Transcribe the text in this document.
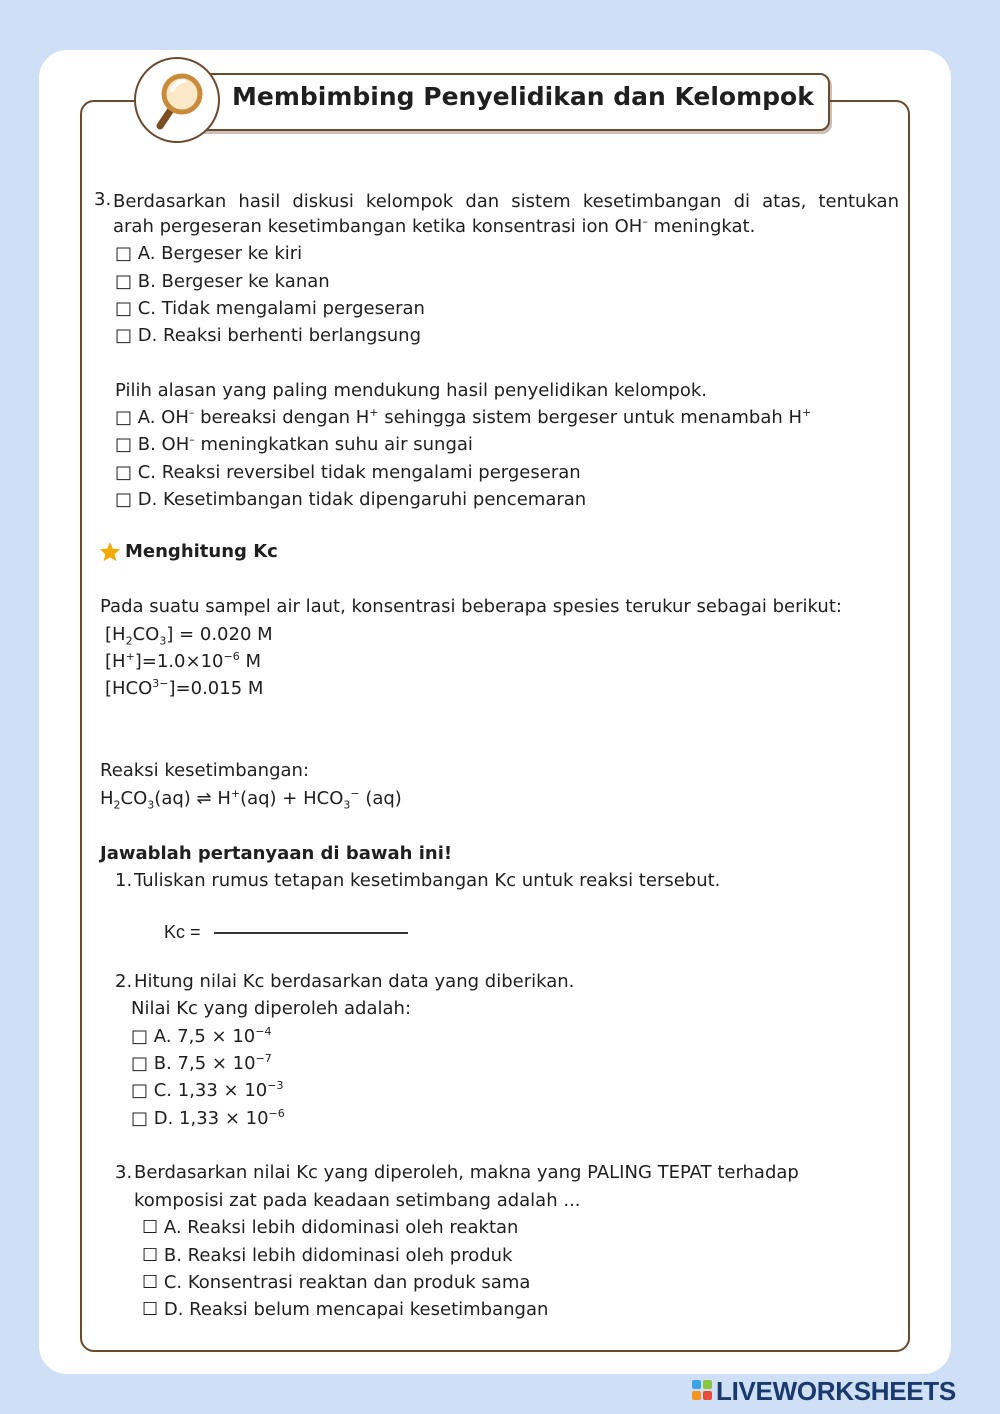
Membimbing Penyelidikan dan Kelompok
3. Berdasarkan hasil diskusi kelompok dan sistem kesetimbangan di atas, tentukan
arah pergeseran kesetimbangan ketika konsentrasi ion OH– meningkat.
□ A. Bergeser ke kiri
□ B. Bergeser ke kanan
□ C. Tidak mengalami pergeseran
□ D. Reaksi berhenti berlangsung
Pilih alasan yang paling mendukung hasil penyelidikan kelompok.
□ A. OH– bereaksi dengan H+ sehingga sistem bergeser untuk menambah H+
□ B. OH– meningkatkan suhu air sungai
□ C. Reaksi reversibel tidak mengalami pergeseran
□ D. Kesetimbangan tidak dipengaruhi pencemaran
Menghitung Kc
Pada suatu sampel air laut, konsentrasi beberapa spesies terukur sebagai berikut:
$[H_2CO_3] = 0.020$ M
$[H^+]=1.0\times 10^{-6}$ M
$[HCO^{3-}]=0.015$ M
Reaksi kesetimbangan:
$H_2CO_3(aq)$ ⇌ $H^+(aq) + HCO_3^-$ (aq)
Jawablah pertanyaan di bawah ini!
1. Tuliskan rumus tetapan kesetimbangan Kc untuk reaksi tersebut.
Kc =
2. Hitung nilai Kc berdasarkan data yang diberikan.
Nilai Kc yang diperoleh adalah:
□ A. $7,5 \times 10^{-4}$
□ B. $7,5 \times 10^{-7}$
□ C. $1,33 \times 10^{-3}$
□ D. $1,33 \times 10^{-6}$
3. Berdasarkan nilai Kc yang diperoleh, makna yang PALING TEPAT terhadap
komposisi zat pada keadaan setimbang adalah ...
☐ A. Reaksi lebih didominasi oleh reaktan
☐ B. Reaksi lebih didominasi oleh produk
☐ C. Konsentrasi reaktan dan produk sama
☐ D. Reaksi belum mencapai kesetimbangan
LIVEWORKSHEETS
